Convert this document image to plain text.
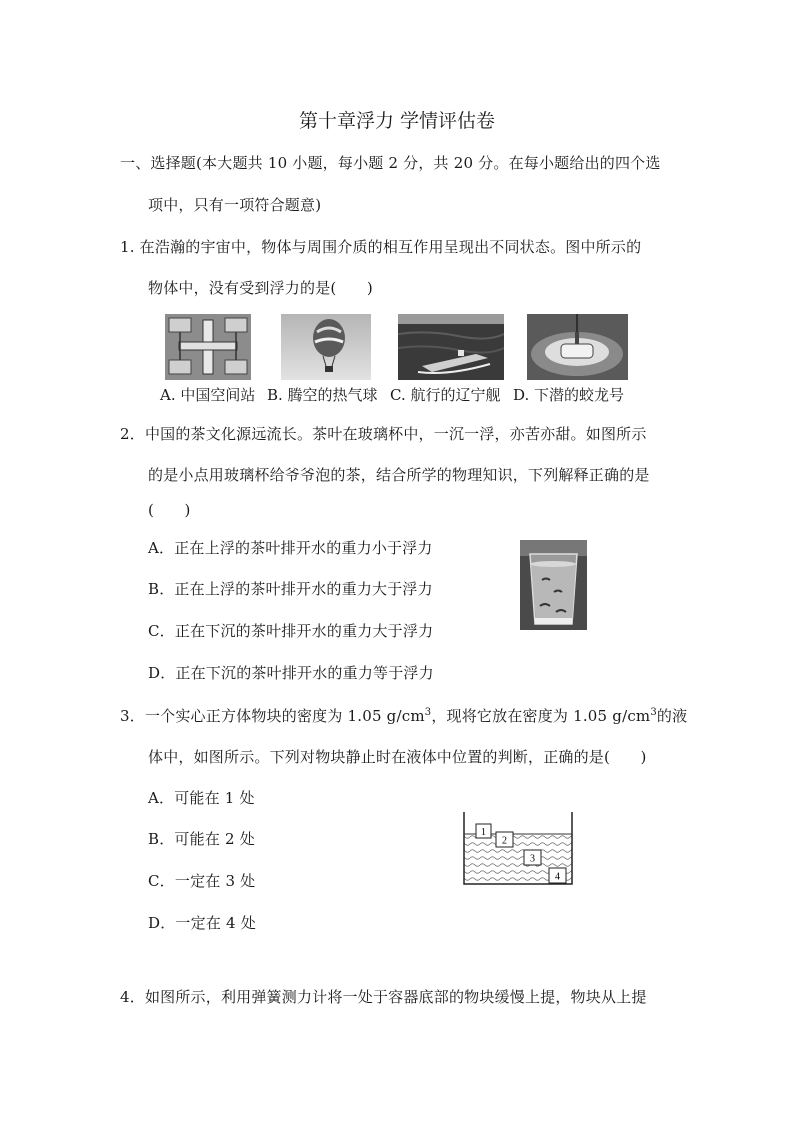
第十章浮力 学情评估卷
一、选择题(本大题共 10 小题，每小题 2 分，共 20 分。在每小题给出的四个选
项中，只有一项符合题意)
1. 在浩瀚的宇宙中，物体与周围介质的相互作用呈现出不同状态。图中所示的
物体中，没有受到浮力的是(　　)
A. 中国空间站 B. 腾空的热气球 C. 航行的辽宁舰 D. 下潜的蛟龙号
2．中国的茶文化源远流长。茶叶在玻璃杯中，一沉一浮，亦苦亦甜。如图所示
的是小点用玻璃杯给爷爷泡的茶，结合所学的物理知识，下列解释正确的是
(　　)
A．正在上浮的茶叶排开水的重力小于浮力
B．正在上浮的茶叶排开水的重力大于浮力
C．正在下沉的茶叶排开水的重力大于浮力
D．正在下沉的茶叶排开水的重力等于浮力
3．一个实心正方体物块的密度为 1.05 $g/cm^3$，现将它放在密度为 1.05 $g/cm^3$的液
体中，如图所示。下列对物块静止时在液体中位置的判断，正确的是(　　)
A．可能在 1 处
B．可能在 2 处
C．一定在 3 处
D．一定在 4 处
1
2
3
4
4．如图所示，利用弹簧测力计将一处于容器底部的物块缓慢上提，物块从上提
